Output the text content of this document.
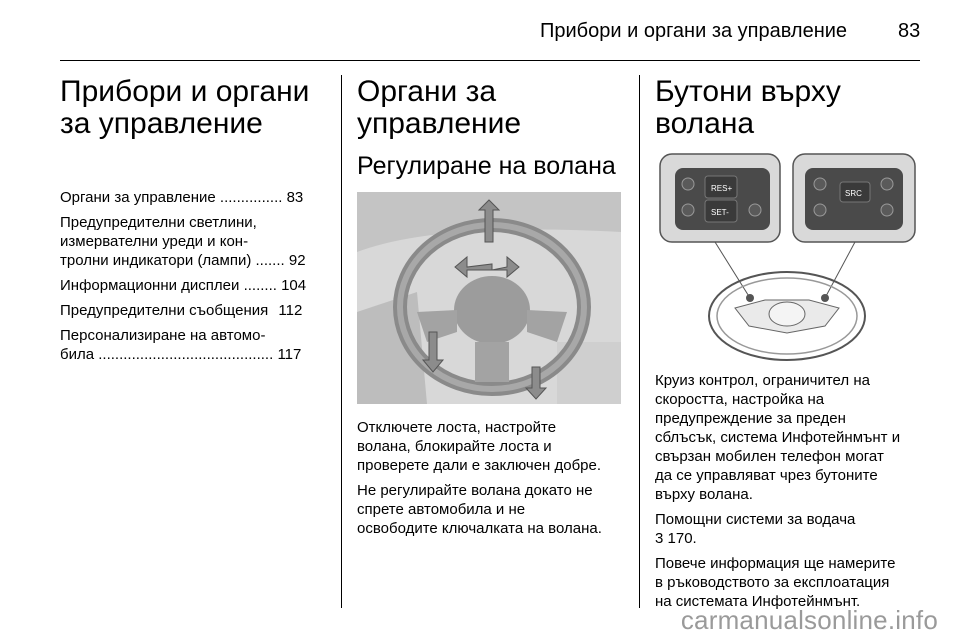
Прибори и органи за управление	83
Прибори и органи за управление
Органи за управление ............... 83
Предупредителни светлини,
измервателни уреди и кон-
тролни индикатори (лампи) ....... 92
Информационни дисплеи ........ 104
Предупредителни съобщения 112
Персонализиране на автомо-
била .......................................... 117
Органи за управление
Регулиране на волана

Отключете лоста, настройте
волана, блокирайте лоста и
проверете дали е заключен добре.

Не регулирайте волана докато не
спрете автомобила и не
освободите ключалката на волана.

Бутони върху волана
RES+
SET-
SRC

Круиз контрол, ограничител на
скоростта, настройка на
предупреждение за преден
сблъсък, система Инфотейнмънт и
свързан мобилен телефон могат
да се управляват чрез бутоните
върху волана.

Помощни системи за водача
3 170.

Повече информация ще намерите
в ръководството за експлоатация
на системата Инфотейнмънт.

carmanualsonline.info
